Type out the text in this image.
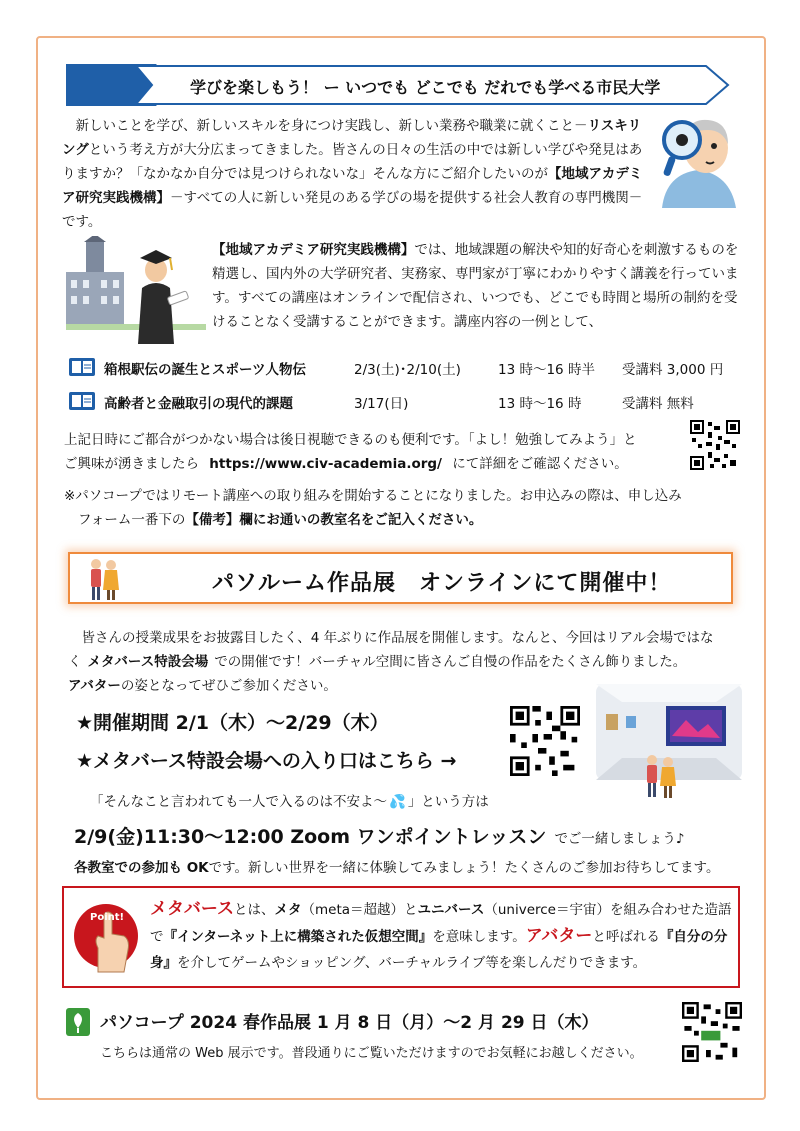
学びを楽しもう！ ー いつでも どこでも だれでも学べる市民大学
　新しいことを学び、新しいスキルを身につけ実践し、新しい業務や職業に就くこと－リスキリングという考え方が大分広まってきました。皆さんの日々の生活の中では新しい学びや発見はありますか？「なかなか自分では見つけられないな」そんな方にご紹介したいのが【地域アカデミア研究実践機構】－すべての人に新しい発見のある学びの場を提供する社会人教育の専門機関－です。
【地域アカデミア研究実践機構】では、地域課題の解決や知的好奇心を刺激するものを精選し、国内外の大学研究者、実務家、専門家が丁寧にわかりやすく講義を行っています。すべての講座はオンラインで配信され、いつでも、どこでも時間と場所の制約を受けることなく受講することができます。講座内容の一例として、
箱根駅伝の誕生とスポーツ人物伝	2/3(土)･2/10(土)	13 時～16 時半 受講料 3,000 円
高齢者と金融取引の現代的課題	3/17(日)	13 時～16 時	受講料 無料
上記日時にご都合がつかない場合は後日視聴できるのも便利です。「よし！勉強してみよう」と
ご興味が湧きましたら https://www.civ-academia.org/ にて詳細をご確認ください。
※パソコープではリモート講座への取り組みを開始することになりました。お申込みの際は、申し込み
フォーム一番下の【備考】欄にお通いの教室名をご記入ください。
パソルーム作品展　オンラインにて開催中！
　皆さんの授業成果をお披露目したく、4 年ぶりに作品展を開催します。なんと、今回はリアル会場ではな
く メタバース特設会場 での開催です！バーチャル空間に皆さんご自慢の作品をたくさん飾りました。
アバターの姿となってぜひご参加ください。
★開催期間 2/1（木）～2/29（木）
★メタバース特設会場への入り口はこちら →
「そんなこと言われても一人で入るのは不安よ～ 💦 」という方は
2/9(金)11:30～12:00 Zoom ワンポイントレッスン でご一緒しましょう♪
各教室での参加も OKです。新しい世界を一緒に体験してみましょう！たくさんのご参加お待ちしてます。
Point! メタバースとは、メタ（meta＝超越）とユニバース（univerce＝宇宙）を組み合わせた造語で『インターネット上に構築された仮想空間』を意味します。アバターと呼ばれる『自分の分身』を介してゲームやショッピング、バーチャルライブ等を楽しんだりできます。
パソコープ 2024 春作品展 1 月 8 日（月）～2 月 29 日（木）
こちらは通常の Web 展示です。普段通りにご覧いただけますのでお気軽にお越しください。
